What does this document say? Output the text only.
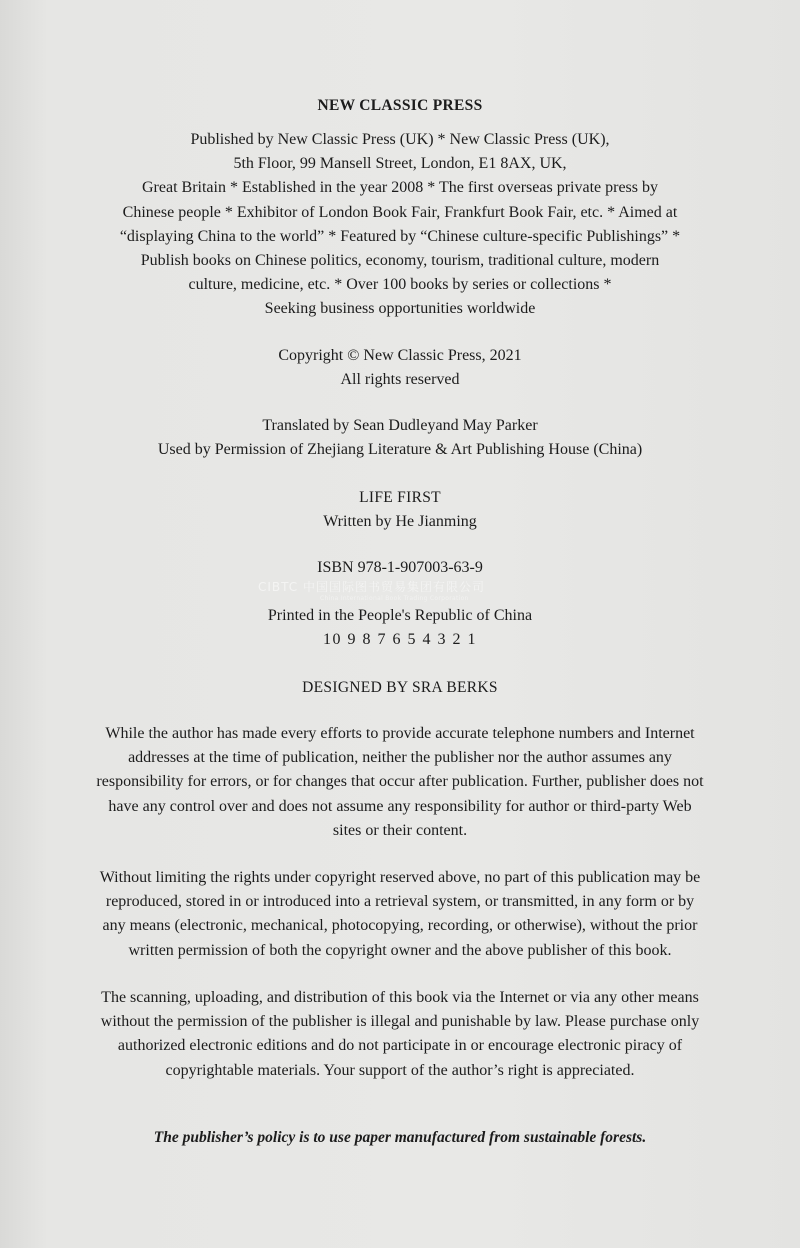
NEW CLASSIC PRESS
Published by New Classic Press (UK) * New Classic Press (UK),
5th Floor, 99 Mansell Street, London, E1 8AX, UK,
Great Britain * Established in the year 2008 * The first overseas private press by
Chinese people * Exhibitor of London Book Fair, Frankfurt Book Fair, etc. * Aimed at
“displaying China to the world” * Featured by “Chinese culture-specific Publishings” *
Publish books on Chinese politics, economy, tourism, traditional culture, modern
culture, medicine, etc. * Over 100 books by series or collections *
Seeking business opportunities worldwide
Copyright © New Classic Press, 2021
All rights reserved
Translated by Sean Dudleyand May Parker
Used by Permission of Zhejiang Literature & Art Publishing House (China)
LIFE FIRST
Written by He Jianming
ISBN 978-1-907003-63-9
CIBTC 中国国际图书贸易集团有限公司
China International Book Trading Corporation
Printed in the People's Republic of China
10 9 8 7 6 5 4 3 2 1
DESIGNED BY SRA BERKS
While the author has made every efforts to provide accurate telephone numbers and Internet
addresses at the time of publication, neither the publisher nor the author assumes any
responsibility for errors, or for changes that occur after publication. Further, publisher does not
have any control over and does not assume any responsibility for author or third-party Web
sites or their content.
Without limiting the rights under copyright reserved above, no part of this publication may be
reproduced, stored in or introduced into a retrieval system, or transmitted, in any form or by
any means (electronic, mechanical, photocopying, recording, or otherwise), without the prior
written permission of both the copyright owner and the above publisher of this book.
The scanning, uploading, and distribution of this book via the Internet or via any other means
without the permission of the publisher is illegal and punishable by law. Please purchase only
authorized electronic editions and do not participate in or encourage electronic piracy of
copyrightable materials. Your support of the author’s right is appreciated.
The publisher’s policy is to use paper manufactured from sustainable forests.
